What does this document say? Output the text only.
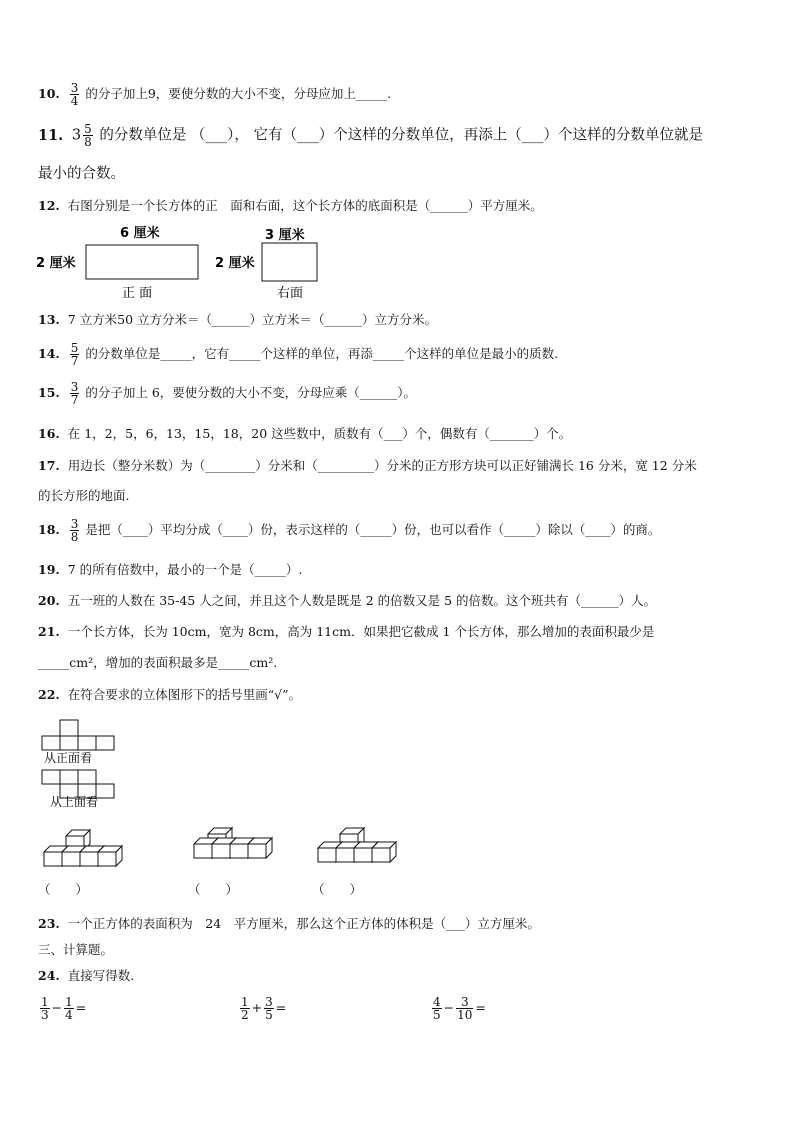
10. $\frac{3}{4}$ 的分子加上9，要使分数的大小不变，分母应加上_____.
11. $3 \frac{5}{8}$ 的分数单位是 （___）， 它有（___）个这样的分数单位，再添上（___）个这样的分数单位就是
最小的合数。
12. 右图分别是一个长方体的正　面和右面，这个长方体的底面积是（______）平方厘米。
6 厘米
2 厘米
正 面
3 厘米
2 厘米
右面
13. 7 立方米50 立方分米＝（______）立方米＝（______）立方分米。
14. $\frac{5}{7}$ 的分数单位是_____，它有_____个这样的单位，再添_____个这样的单位是最小的质数.
15. $\frac{3}{7}$ 的分子加上 6，要使分数的大小不变，分母应乘（______）。
16. 在 1，2，5，6，13，15，18，20 这些数中，质数有（___）个，偶数有（_______）个。
17. 用边长（整分米数）为（________）分米和（_________）分米的正方形方块可以正好铺满长 16 分米，宽 12 分米
的长方形的地面.
18. $\frac{3}{8}$ 是把（____）平均分成（____）份，表示这样的（_____）份，也可以看作（_____）除以（____）的商。
19. 7 的所有倍数中，最小的一个是（_____）.
20. 五一班的人数在 35-45 人之间，并且这个人数是既是 2 的倍数又是 5 的倍数。这个班共有（______）人。
21. 一个长方体，长为 10cm，宽为 8cm，高为 11cm．如果把它截成 1 个长方体，那么增加的表面积最少是
_____cm²，增加的表面积最多是_____cm².
22. 在符合要求的立体图形下的括号里画“√”。
从正面看
从上面看
（　　）	（　　）	（　　）
23. 一个正方体的表面积为　24　平方厘米，那么这个正方体的体积是（___）立方厘米。
三、计算题。
24. 直接写得数.
$\frac{1}{3} - \frac{1}{4}$ =	$\frac{1}{2} + \frac{3}{5}$ =	$\frac{4}{5} - \frac{3}{10}$ =
